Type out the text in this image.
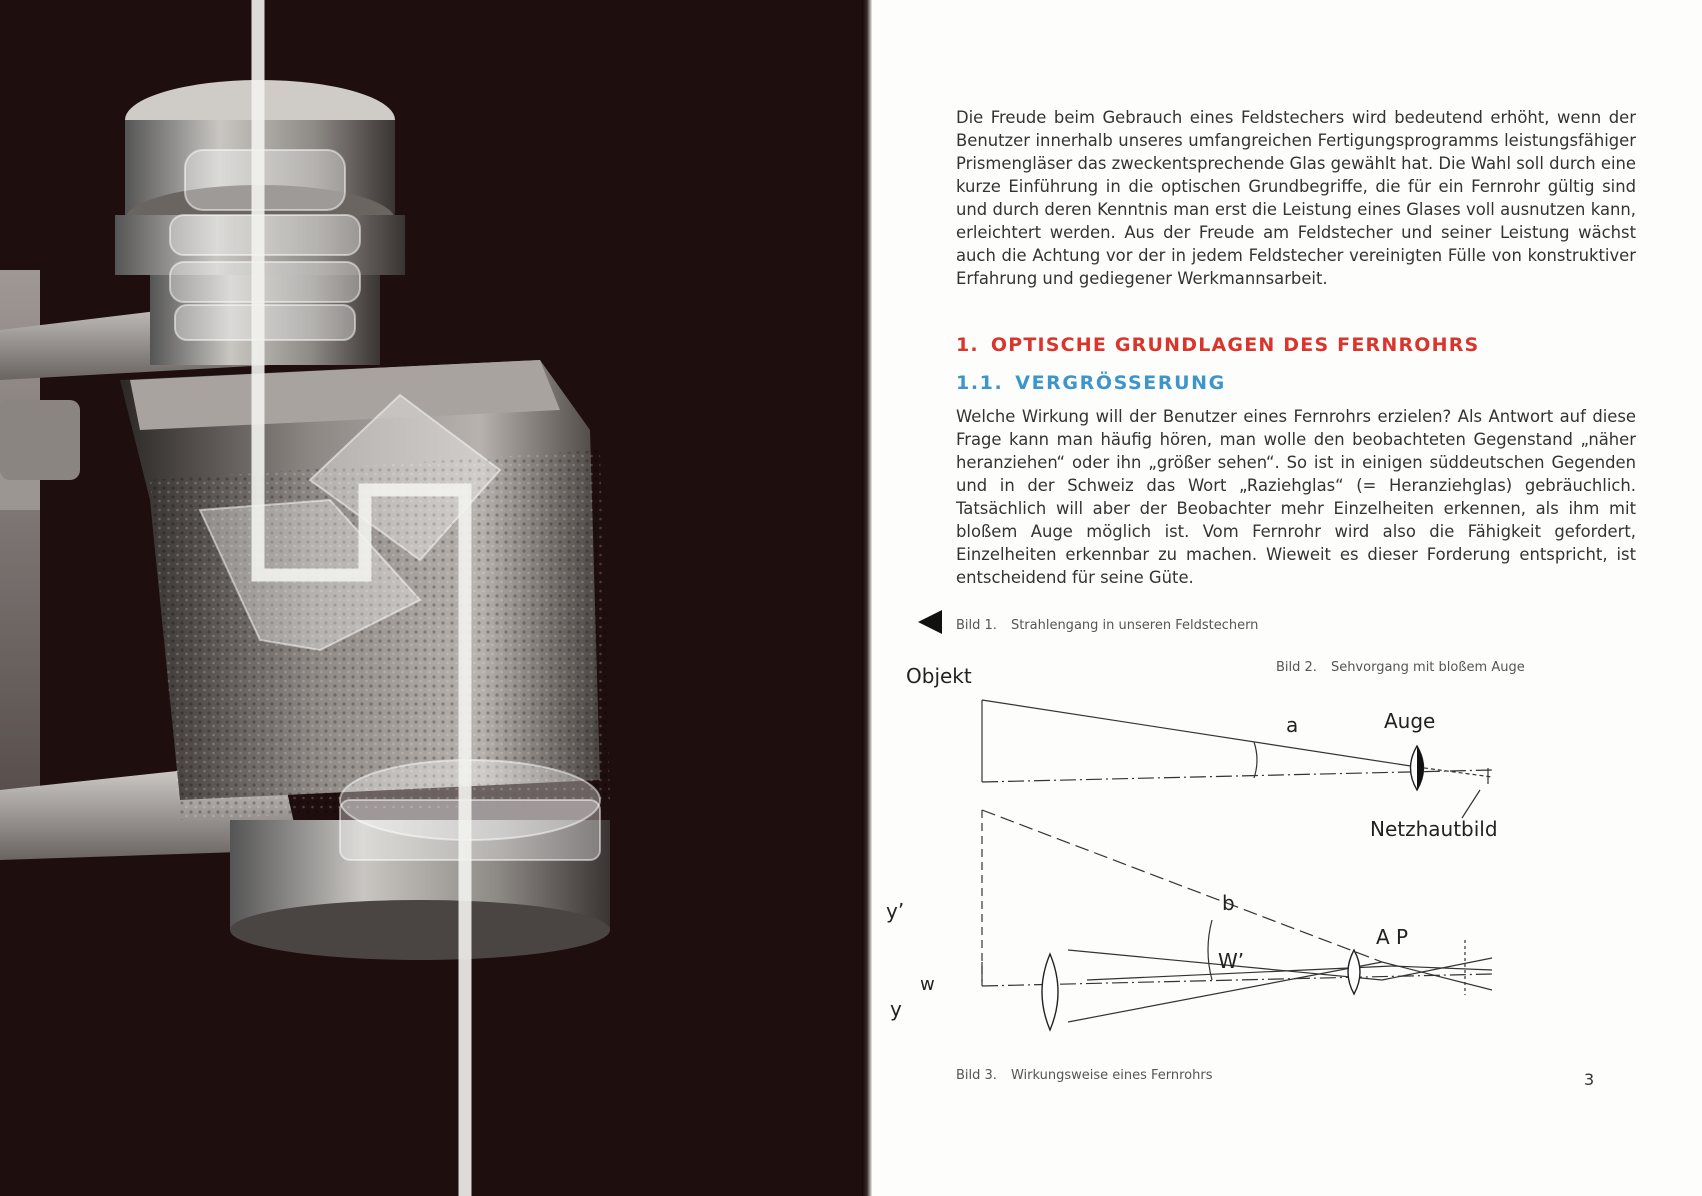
Die Freude beim Gebrauch eines Feldstechers wird bedeutend erhöht, wenn der Benutzer innerhalb unseres umfangreichen Fertigungsprogramms leistungsfähiger Prismengläser das zweckentsprechende Glas gewählt hat. Die Wahl soll durch eine kurze Einführung in die optischen Grundbegriffe, die für ein Fernrohr gültig sind und durch deren Kenntnis man erst die Leistung eines Glases voll ausnutzen kann, erleichtert werden. Aus der Freude am Feldstecher und seiner Leistung wächst auch die Achtung vor der in jedem Feldstecher vereinigten Fülle von konstruktiver Erfahrung und gediegener Werkmannsarbeit.

1. OPTISCHE GRUNDLAGEN DES FERNROHRS
1.1. VERGRÖSSERUNG

Welche Wirkung will der Benutzer eines Fernrohrs erzielen? Als Antwort auf diese Frage kann man häufig hören, man wolle den beobachteten Gegenstand „näher heranziehen“ oder ihn „größer sehen“. So ist in einigen süddeutschen Gegenden und in der Schweiz das Wort „Raziehglas“ (= Heranziehglas) gebräuchlich. Tatsächlich will aber der Beobachter mehr Einzelheiten erkennen, als ihm mit bloßem Auge möglich ist. Vom Fernrohr wird also die Fähigkeit gefordert, Einzelheiten erkennbar zu machen. Wieweit es dieser Forderung entspricht, ist entscheidend für seine Güte.

Bild 1. Strahlengang in unseren Feldstechern
Bild 2. Sehvorgang mit bloßem Auge
Objekt
Auge
a
Netzhautbild
y’
y
w
b
W’
A P
Bild 3. Wirkungsweise eines Fernrohrs	3
